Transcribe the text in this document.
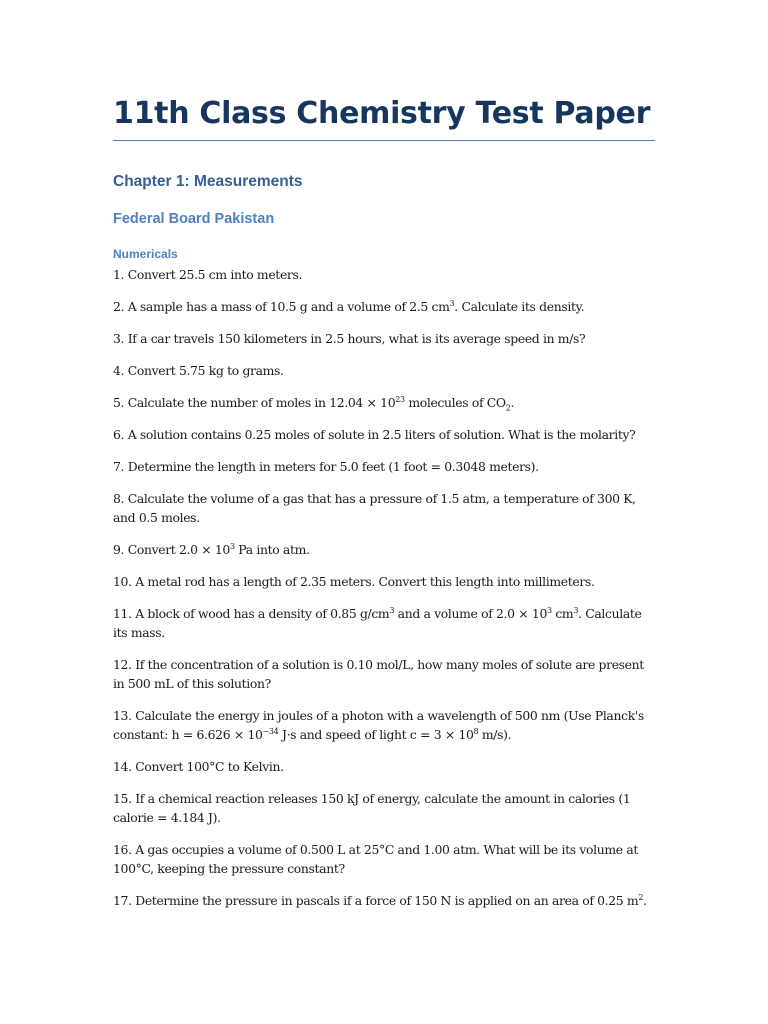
11th Class Chemistry Test Paper
Chapter 1: Measurements
Federal Board Pakistan
Numericals
1. Convert 25.5 cm into meters.
2. A sample has a mass of 10.5 g and a volume of 2.5 $cm^3$. Calculate its density.
3. If a car travels 150 kilometers in 2.5 hours, what is its average speed in m/s?
4. Convert 5.75 kg to grams.
5. Calculate the number of moles in $12.04 \times 10^{23}$ molecules of $CO_2$.
6. A solution contains 0.25 moles of solute in 2.5 liters of solution. What is the molarity?
7. Determine the length in meters for 5.0 feet (1 foot = 0.3048 meters).
8. Calculate the volume of a gas that has a pressure of 1.5 atm, a temperature of 300 K, and 0.5 moles.
9. Convert $2.0 \times 10^3$ Pa into atm.
10. A metal rod has a length of 2.35 meters. Convert this length into millimeters.
11. A block of wood has a density of 0.85 $g/cm^3$ and a volume of $2.0 \times 10^3$ $cm^3$. Calculate its mass.
12. If the concentration of a solution is 0.10 mol/L, how many moles of solute are present in 500 mL of this solution?
13. Calculate the energy in joules of a photon with a wavelength of 500 nm (Use Planck's constant: $h = 6.626 \times 10^{-34}$ J·s and speed of light $c = 3 \times 10^8$ m/s).
14. Convert 100°C to Kelvin.
15. If a chemical reaction releases 150 kJ of energy, calculate the amount in calories (1 calorie = 4.184 J).
16. A gas occupies a volume of 0.500 L at 25°C and 1.00 atm. What will be its volume at 100°C, keeping the pressure constant?
17. Determine the pressure in pascals if a force of 150 N is applied on an area of 0.25 $m^2$.
